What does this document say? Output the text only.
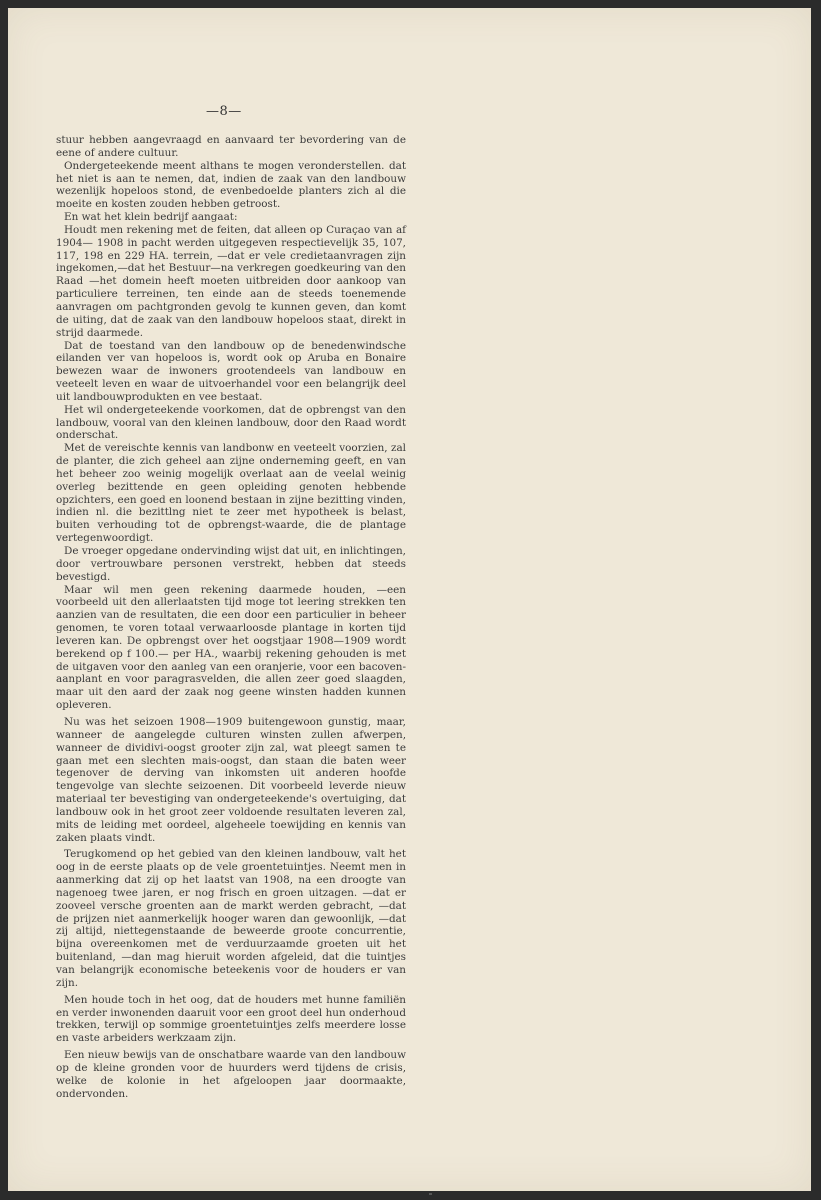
—8—

stuur hebben aangevraagd en aanvaard ter bevordering van de eene of andere cultuur.

Ondergeteekende meent althans te mogen veronderstellen. dat het niet is aan te nemen, dat, indien de zaak van den landbouw wezenlijk hopeloos stond, de evenbedoelde planters zich al die moeite en kosten zouden hebben getroost.

En wat het klein bedrijf aangaat:

Houdt men rekening met de feiten, dat alleen op Curaçao van af 1904— 1908 in pacht werden uitgegeven respectievelijk 35, 107, 117, 198 en 229 HA. terrein, —dat er vele credietaanvragen zijn ingekomen,—dat het Bestuur—na verkregen goedkeuring van den Raad —het domein heeft moeten uitbreiden door aankoop van particuliere terreinen, ten einde aan de steeds toenemende aanvragen om pachtgronden gevolg te kunnen geven, dan komt de uiting, dat de zaak van den landbouw hopeloos staat, direkt in strijd daarmede.

Dat de toestand van den landbouw op de benedenwindsche eilanden ver van hopeloos is, wordt ook op Aruba en Bonaire bewezen waar de inwoners grootendeels van landbouw en veeteelt leven en waar de uitvoerhandel voor een belangrijk deel uit landbouwprodukten en vee bestaat.

Het wil ondergeteekende voorkomen, dat de opbrengst van den landbouw, vooral van den kleinen landbouw, door den Raad wordt onderschat.

Met de vereischte kennis van landbonw en veeteelt voorzien, zal de planter, die zich geheel aan zijne onderneming geeft, en van het beheer zoo weinig mogelijk overlaat aan de veelal weinig overleg bezittende en geen opleiding genoten hebbende opzichters, een goed en loonend bestaan in zijne bezitting vinden, indien nl. die bezittlng niet te zeer met hypotheek is belast, buiten verhouding tot de opbrengst-waarde, die de plantage vertegenwoordigt.

De vroeger opgedane ondervinding wijst dat uit, en inlichtingen, door vertrouwbare personen verstrekt, hebben dat steeds bevestigd.

Maar wil men geen rekening daarmede houden, —een voorbeeld uit den allerlaatsten tijd moge tot leering strekken ten aanzien van de resultaten, die een door een particulier in beheer genomen, te voren totaal verwaarloosde plantage in korten tijd leveren kan. De opbrengst over het oogstjaar 1908—1909 wordt berekend op f 100.— per HA., waarbij rekening gehouden is met de uitgaven voor den aanleg van een oranjerie, voor een bacoven-aanplant en voor paragrasvelden, die allen zeer goed slaagden, maar uit den aard der zaak nog geene winsten hadden kunnen opleveren.

Nu was het seizoen 1908—1909 buitengewoon gunstig, maar, wanneer de aangelegde culturen winsten zullen afwerpen, wanneer de dividivi-oogst grooter zijn zal, wat pleegt samen te gaan met een slechten mais-oogst, dan staan die baten weer tegenover de derving van inkomsten uit anderen hoofde tengevolge van slechte seizoenen. Dit voorbeeld leverde nieuw materiaal ter bevestiging van ondergeteekende's overtuiging, dat landbouw ook in het groot zeer voldoende resultaten leveren zal, mits de leiding met oordeel, algeheele toewijding en kennis van zaken plaats vindt.

Terugkomend op het gebied van den kleinen landbouw, valt het oog in de eerste plaats op de vele groentetuintjes. Neemt men in aanmerking dat zij op het laatst van 1908, na een droogte van nagenoeg twee jaren, er nog frisch en groen uitzagen. —dat er zooveel versche groenten aan de markt werden gebracht, —dat de prijzen niet aanmerkelijk hooger waren dan gewoonlijk, —dat zij altijd, niettegenstaande de beweerde groote concurrentie, bijna overeenkomen met de verduurzaamde groeten uit het buitenland, —dan mag hieruit worden afgeleid, dat die tuintjes van belangrijk economische beteekenis voor de houders er van zijn.

Men houde toch in het oog, dat de houders met hunne familiën en verder inwonenden daaruit voor een groot deel hun onderhoud trekken, terwijl op sommige groentetuintjes zelfs meerdere losse en vaste arbeiders werkzaam zijn.

Een nieuw bewijs van de onschatbare waarde van den landbouw op de kleine gronden voor de huurders werd tijdens de crisis, welke de kolonie in het afgeloopen jaar doormaakte, ondervonden.
